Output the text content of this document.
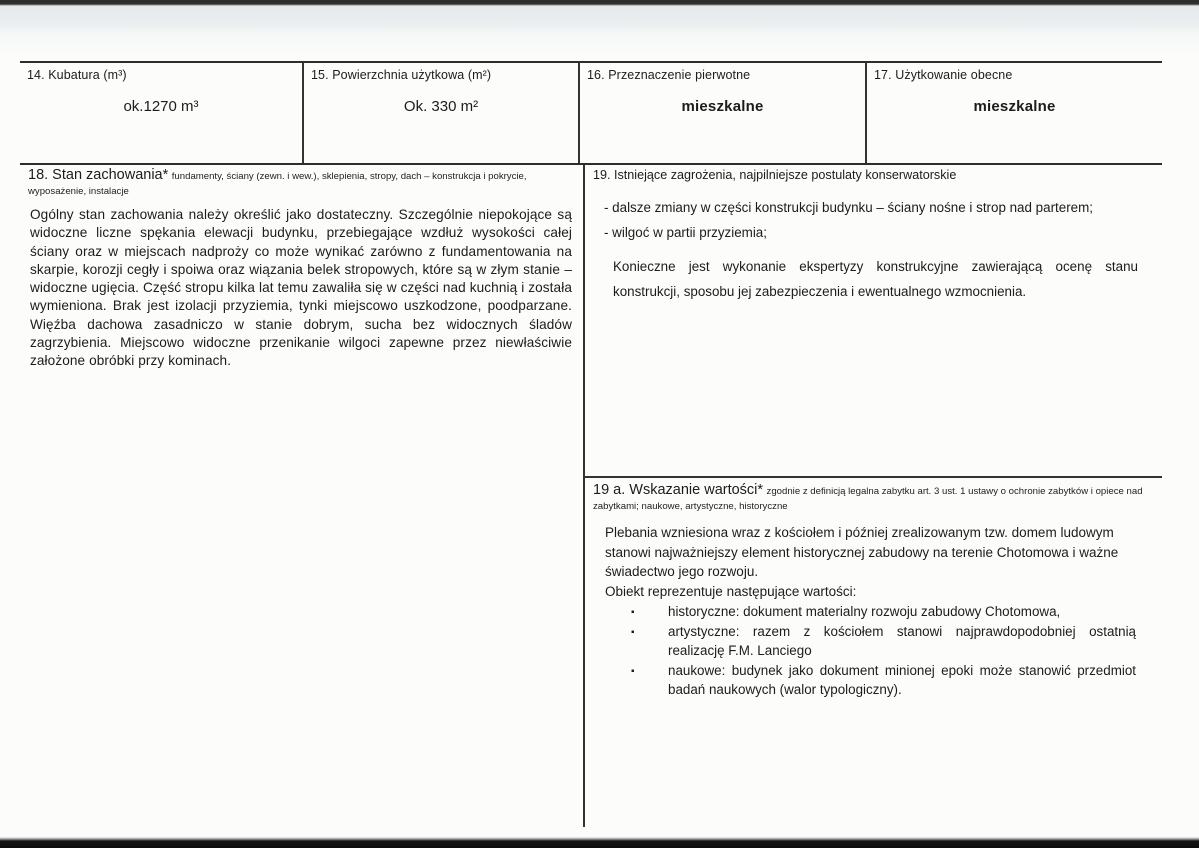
14. Kubatura (m³)
ok.1270 m³
15. Powierzchnia użytkowa (m²)
Ok. 330 m²
16. Przeznaczenie pierwotne
mieszkalne
17. Użytkowanie obecne
mieszkalne
18. Stan zachowania* fundamenty, ściany (zewn. i wew.), sklepienia, stropy, dach – konstrukcja i pokrycie, wyposażenie, instalacje

Ogólny stan zachowania należy określić jako dostateczny. Szczególnie niepokojące są widoczne liczne spękania elewacji budynku, przebiegające wzdłuż wysokości całej ściany oraz w miejscach nadproży co może wynikać zarówno z fundamentowania na skarpie, korozji cegły i spoiwa oraz wiązania belek stropowych, które są w złym stanie – widoczne ugięcia. Część stropu kilka lat temu zawaliła się w części nad kuchnią i została wymieniona. Brak jest izolacji przyziemia, tynki miejscowo uszkodzone, poodparzane. Więźba dachowa zasadniczo w stanie dobrym, sucha bez widocznych śladów zagrzybienia. Miejscowo widoczne przenikanie wilgoci zapewne przez niewłaściwie założone obróbki przy kominach.

19. Istniejące zagrożenia, najpilniejsze postulaty konserwatorskie
- dalsze zmiany w części konstrukcji budynku – ściany nośne i strop nad parterem;
- wilgoć w partii przyziemia;

Konieczne jest wykonanie ekspertyzy konstrukcyjne zawierającą ocenę stanu konstrukcji, sposobu jej zabezpieczenia i ewentualnego wzmocnienia.

19 a. Wskazanie wartości* zgodnie z definicją legalna zabytku art. 3 ust. 1 ustawy o ochronie zabytków i opiece nad zabytkami; naukowe, artystyczne, historyczne

Plebania wzniesiona wraz z kościołem i później zrealizowanym tzw. domem ludowym stanowi najważniejszy element historycznej zabudowy na terenie Chotomowa i ważne świadectwo jego rozwoju.

Obiekt reprezentuje następujące wartości:

▪ historyczne: dokument materialny rozwoju zabudowy Chotomowa,
▪ artystyczne: razem z kościołem stanowi najprawdopodobniej ostatnią realizację F.M. Lanciego
▪ naukowe: budynek jako dokument minionej epoki może stanowić przedmiot badań naukowych (walor typologiczny).
